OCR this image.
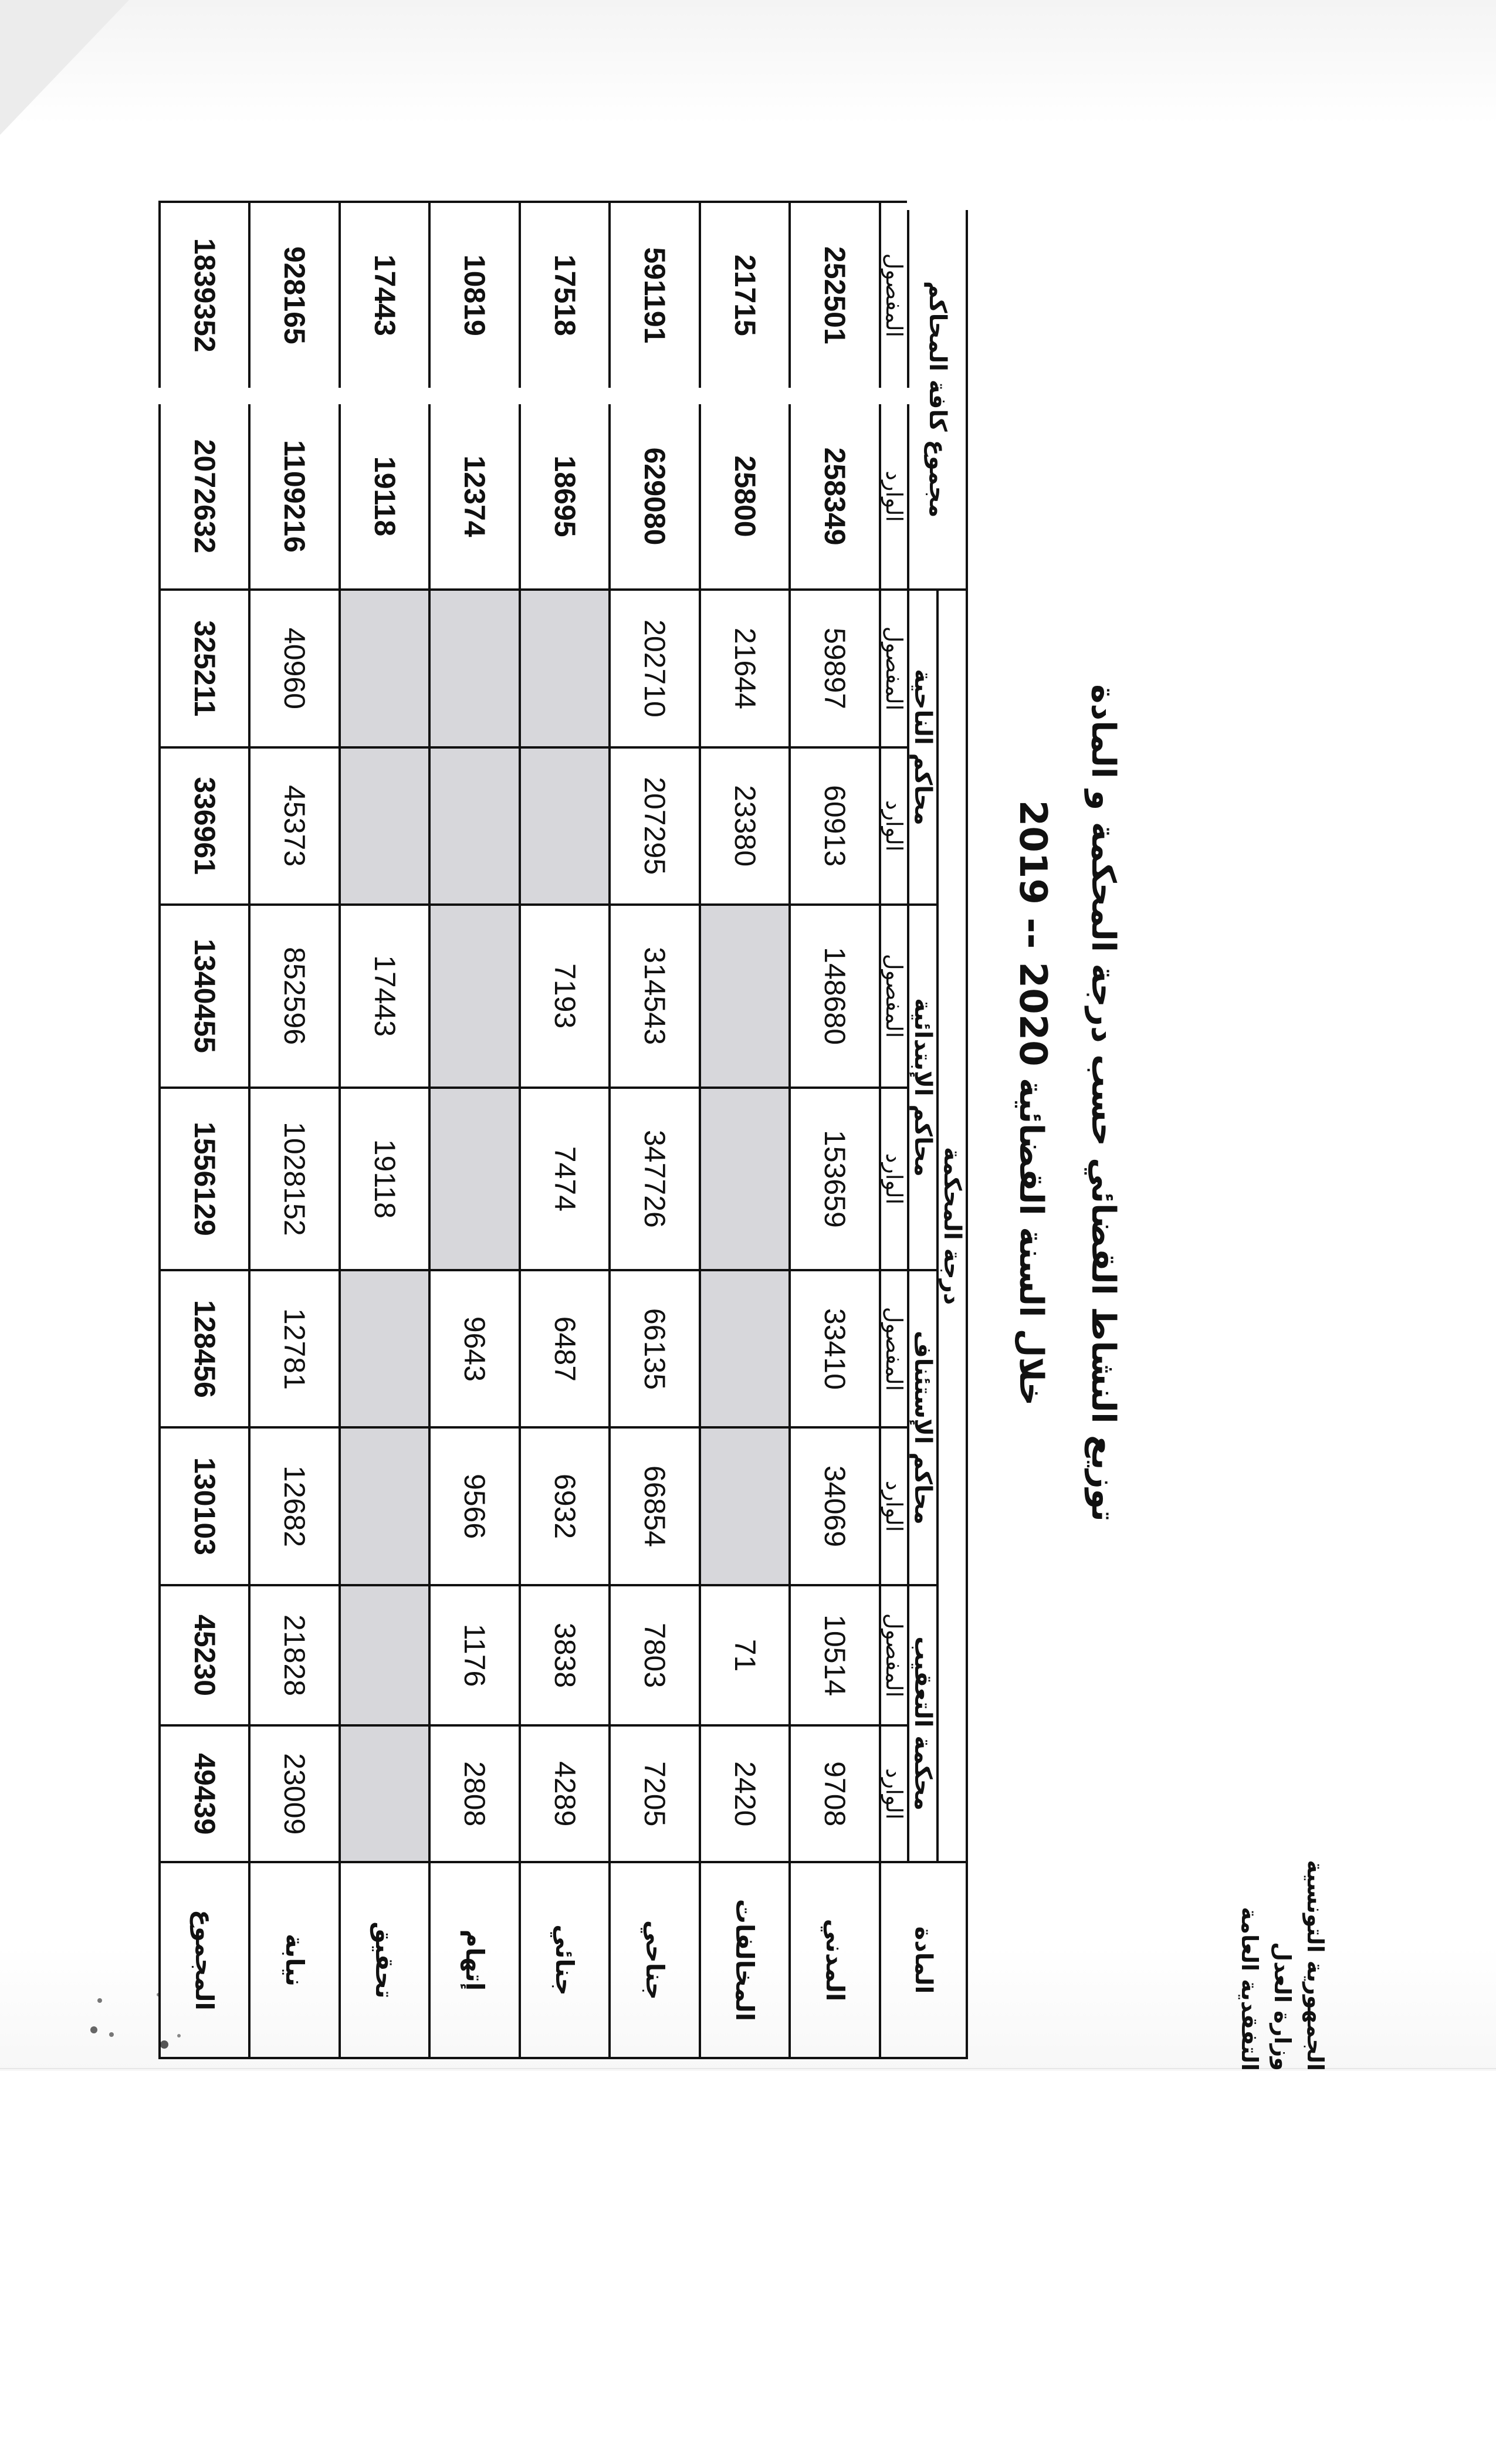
الجمهورية التونسية
وزارة العدل
التفقدية العامة
توزيع النشاط القضائي حسب درجة المحكمة و المادة
خلال السنة القضائية 2019 -- 2020
المادة	درجة المحكمة								مجموع كافة المحاكم	
	محكمة التعقيب		محاكم الإستئناف		محاكم الإبتدائية		محاكم الناحية			
	الوارد	المفصول	الوارد	المفصول	الوارد	المفصول	الوارد	المفصول	الوارد	المفصول
المدني	9708	10514	34069	33410	153659	148680	60913	59897	258349	252501
المخالفات	2420	71					23380	21644	25800	21715
جناحي	7205	7803	66854	66135	347726	314543	207295	202710	629080	591191
جنائي	4289	3838	6932	6487	7474	7193			18695	17518
إتهام	2808	1176	9566	9643					12374	10819
تحقيق					19118	17443			19118	17443
نيابة	23009	21828	12682	12781	1028152	852596	45373	40960	1109216	928165
المجموع	49439	45230	130103	128456	1556129	1340455	336961	325211	2072632	1839352
